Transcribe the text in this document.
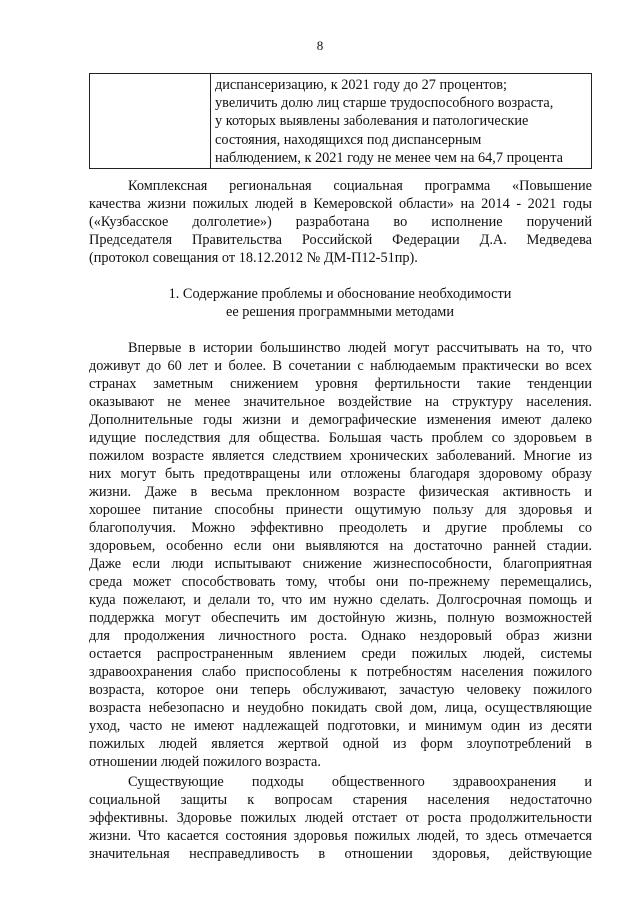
8
диспансеризацию, к 2021 году до 27 процентов;
увеличить долю лиц старше трудоспособного возраста,
у которых выявлены заболевания и патологические
состояния, находящихся под диспансерным
наблюдением, к 2021 году не менее чем на 64,7 процента
Комплексная региональная социальная программа «Повышение
качества жизни пожилых людей в Кемеровской области» на 2014 - 2021 годы
(«Кузбасское долголетие») разработана во исполнение поручений
Председателя Правительства Российской Федерации Д.А. Медведева
(протокол совещания от 18.12.2012 № ДМ-П12-51пр).
1. Содержание проблемы и обоснование необходимости
ее решения программными методами
Впервые в истории большинство людей могут рассчитывать на то, что
доживут до 60 лет и более. В сочетании с наблюдаемым практически во всех
странах заметным снижением уровня фертильности такие тенденции
оказывают не менее значительное воздействие на структуру населения.
Дополнительные годы жизни и демографические изменения имеют далеко
идущие последствия для общества. Большая часть проблем со здоровьем в
пожилом возрасте является следствием хронических заболеваний. Многие из
них могут быть предотвращены или отложены благодаря здоровому образу
жизни. Даже в весьма преклонном возрасте физическая активность и
хорошее питание способны принести ощутимую пользу для здоровья и
благополучия. Можно эффективно преодолеть и другие проблемы со
здоровьем, особенно если они выявляются на достаточно ранней стадии.
Даже если люди испытывают снижение жизнеспособности, благоприятная
среда может способствовать тому, чтобы они по-прежнему перемещались,
куда пожелают, и делали то, что им нужно сделать. Долгосрочная помощь и
поддержка могут обеспечить им достойную жизнь, полную возможностей
для продолжения личностного роста. Однако нездоровый образ жизни
остается распространенным явлением среди пожилых людей, системы
здравоохранения слабо приспособлены к потребностям населения пожилого
возраста, которое они теперь обслуживают, зачастую человеку пожилого
возраста небезопасно и неудобно покидать свой дом, лица, осуществляющие
уход, часто не имеют надлежащей подготовки, и минимум один из десяти
пожилых людей является жертвой одной из форм злоупотреблений в
отношении людей пожилого возраста.
Существующие подходы общественного здравоохранения и
социальной защиты к вопросам старения населения недостаточно
эффективны. Здоровье пожилых людей отстает от роста продолжительности
жизни. Что касается состояния здоровья пожилых людей, то здесь отмечается
значительная несправедливость в отношении здоровья, действующие
